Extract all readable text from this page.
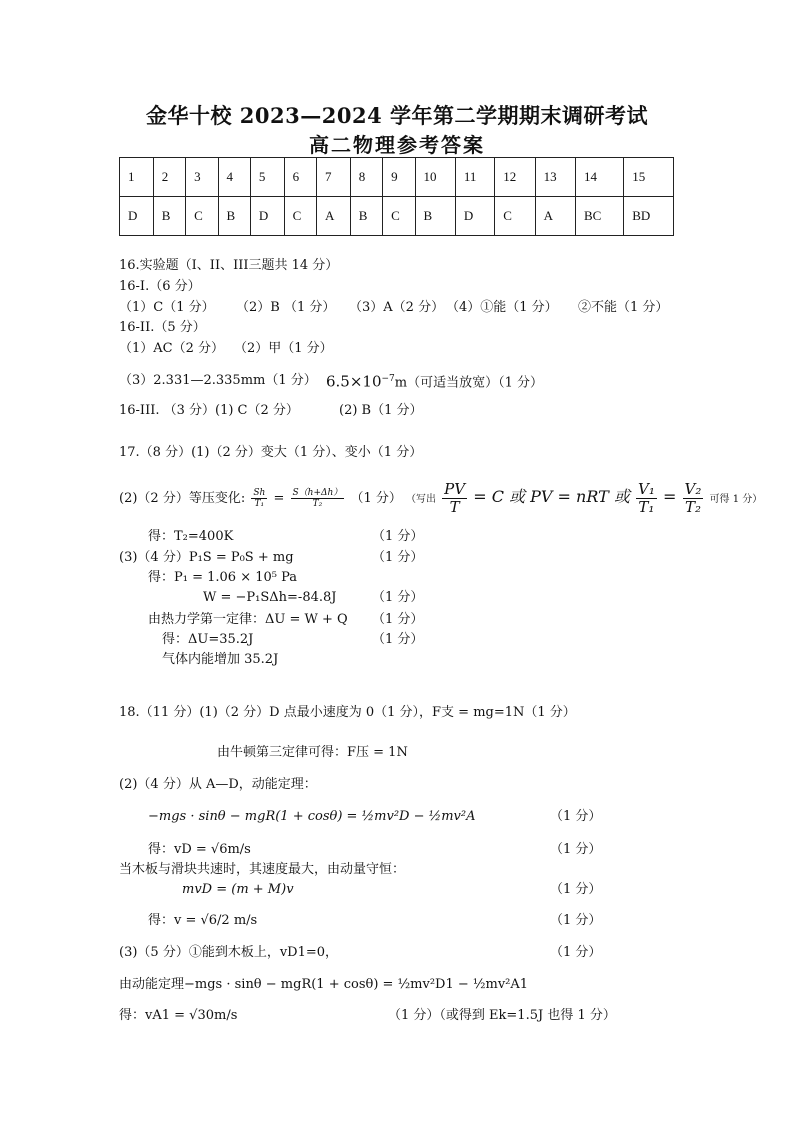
金华十校 2023—2024 学年第二学期期末调研考试
高二物理参考答案
1	2	3	4	5	6	7	8	9	10	11	12	13	14	15
D	B	C	B	D	C	A	B	C	B	D	C	A	BC	BD
16.实验题（I、II、III三题共 14 分）
16-I.（6 分）
（1）C（1 分） （2）B （1 分） （3）A（2 分） （4）①能（1 分） ②不能（1 分）
16-II.（5 分）
（1）AC（2 分） （2）甲（1 分）
（3）2.331—2.335mm（1 分） $6.5\times 10^{-7}m$（可适当放宽）（1 分）
16-III. （3 分）(1) C（2 分）	(2) B（1 分）
17.（8 分）(1)（2 分）变大（1 分）、变小（1 分）
(2)（2 分）等压变化: $\frac{Sh}{\text{T₁}} = \frac{S(h+\Delta h)}{\text{T₂}} (1$ 分） （写出 $\frac{PV}{T} = C$ 或 PV = nRT 或 $\frac{\text{V₁}}{\text{T₁}} = \frac{\text{V₂}}{\text{T₂}}$ 可得 1 分）
得：T₂=400K	（1 分）
(3)（4 分）P₁S = P₀S + mg	（1 分）
得：P₁ = 1.06 × 10⁵ Pa
W = −P₁SΔh=-84.8J	（1 分）
由热力学第一定律：ΔU = W + Q （1 分）
得：ΔU=35.2J	（1 分）
气体内能增加 35.2J
18.（11 分）(1)（2 分）D 点最小速度为 0（1 分），F支 = mg=1N（1 分）
由牛顿第三定律可得：F压 = 1N
(2)（4 分）从 A—D，动能定理：
−mgs · sinθ − mgR(1 + cosθ) = ½mv²D − ½mv²A	（1 分）
得：vD = √6m/s	（1 分）
当木板与滑块共速时，其速度最大，由动量守恒：
mvD = (m + M)v	（1 分）
得：v = √6/2 m/s	（1 分）
(3)（5 分）①能到木板上，vD1=0，	（1 分）
由动能定理−mgs · sinθ − mgR(1 + cosθ) = ½mv²D1 − ½mv²A1
得：vA1 = √30m/s	（1 分）（或得到 Ek=1.5J 也得 1 分）
